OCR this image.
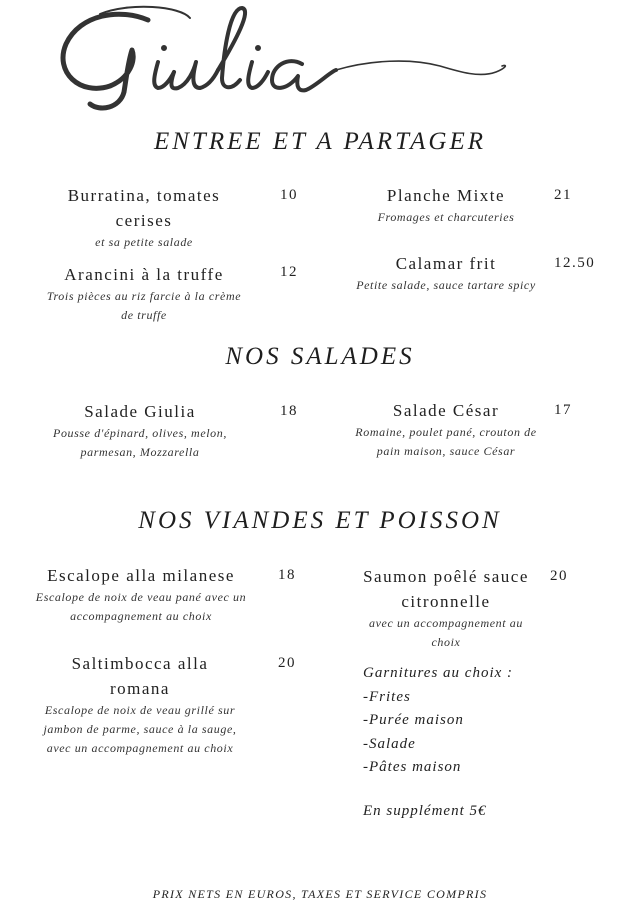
ENTREE ET A PARTAGER
Burratina, tomates cerises
et sa petite salade
10
Arancini à la truffe
Trois pièces au riz farcie à la crème de truffe
12
Planche Mixte
Fromages et charcuteries
21
Calamar frit
Petite salade, sauce tartare spicy
12.50
NOS SALADES
Salade Giulia
Pousse d'épinard, olives, melon, parmesan, Mozzarella
18	Salade César
Romaine, poulet pané, crouton de pain maison, sauce César
17
NOS VIANDES ET POISSON
Escalope alla milanese
Escalope de noix de veau pané avec un accompagnement au choix
18
Saltimbocca alla romana
Escalope de noix de veau grillé sur jambon de parme, sauce à la sauge, avec un accompagnement au choix
20
Saumon poêlé sauce citronnelle
avec un accompagnement au choix
20
Garnitures au choix :
-Frites
-Purée maison
-Salade
-Pâtes maison
En supplément 5€
PRIX NETS EN EUROS, TAXES ET SERVICE COMPRIS
